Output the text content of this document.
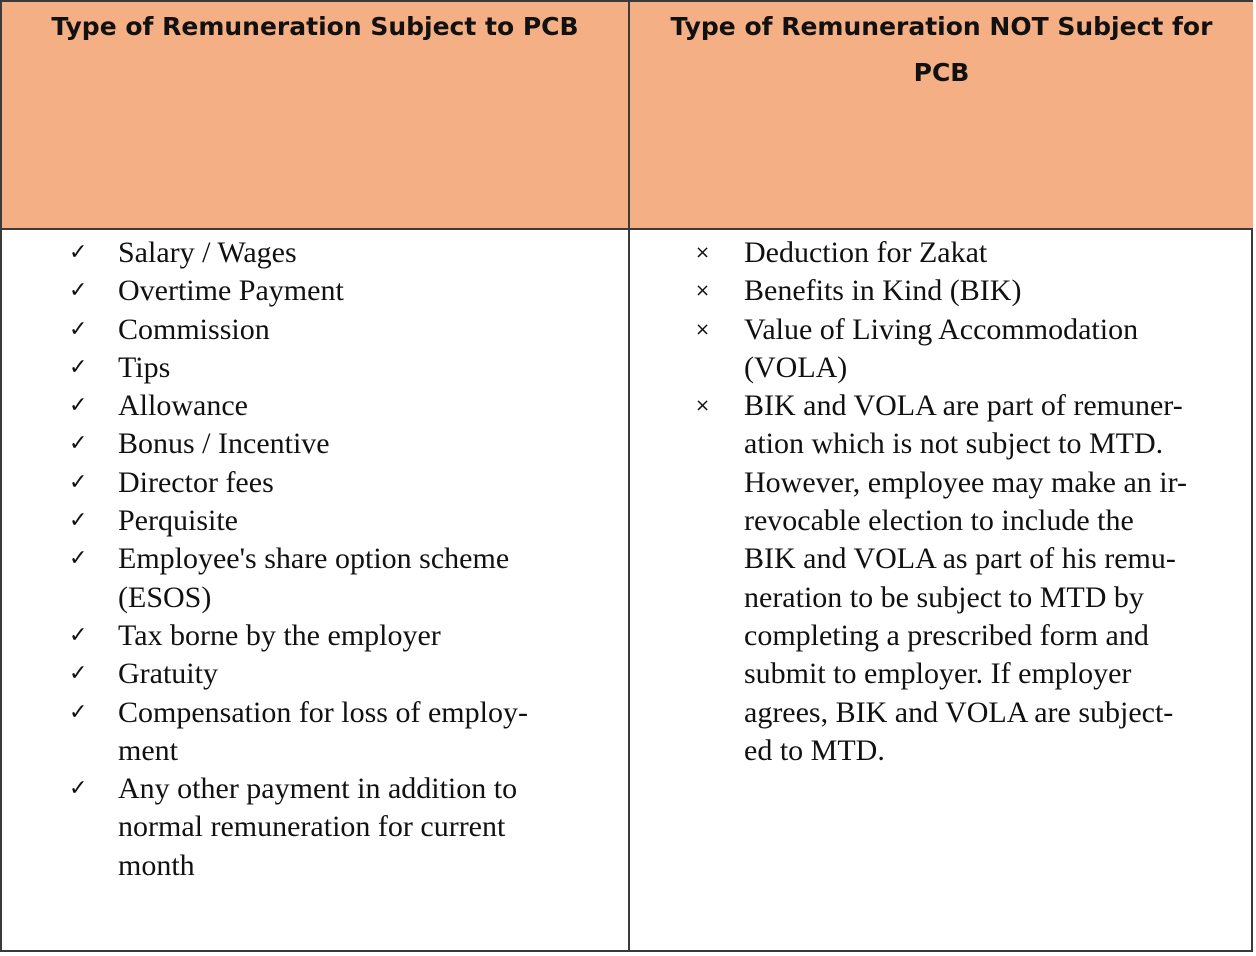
Type of Remuneration Subject to PCB	Type of Remuneration NOT Subject for PCB
✓	Salary / Wages
✓	Overtime Payment
✓	Commission
✓	Tips
✓	Allowance
✓	Bonus / Incentive
✓	Director fees
✓	Perquisite
✓	Employee's share option scheme
(ESOS)
✓	Tax borne by the employer
✓	Gratuity
✓	Compensation for loss of employ-
ment
✓	Any other payment in addition to
normal remuneration for current
month
×	Deduction for Zakat
×	Benefits in Kind (BIK)
×	Value of Living Accommodation
(VOLA)
×	BIK and VOLA are part of remuner-
ation which is not subject to MTD.
However, employee may make an ir-
revocable election to include the
BIK and VOLA as part of his remu-
neration to be subject to MTD by
completing a prescribed form and
submit to employer. If employer
agrees, BIK and VOLA are subject-
ed to MTD.
